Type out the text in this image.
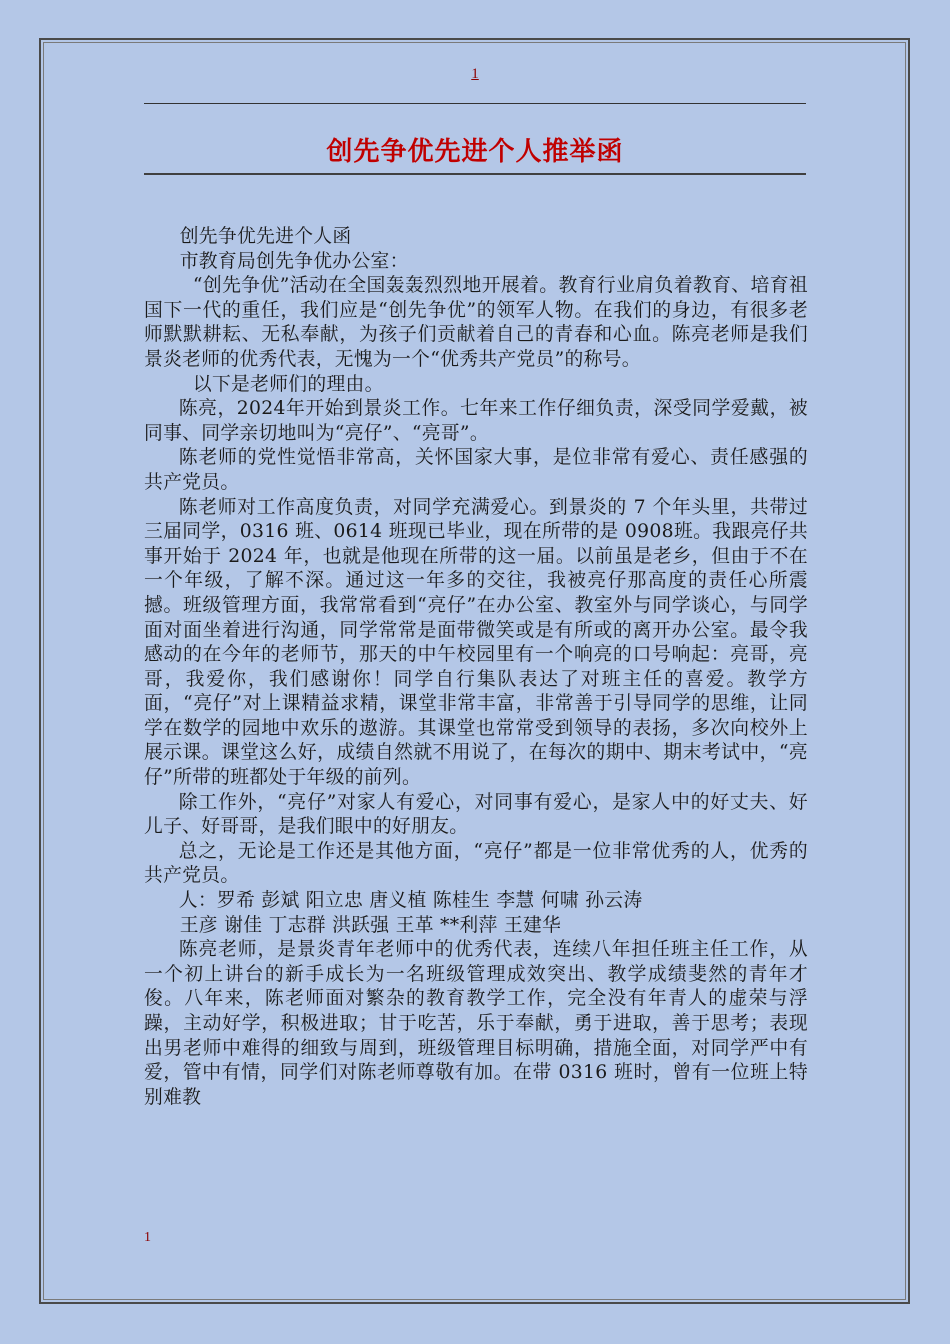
1
创先争优先进个人推举函

创先争优先进个人函

市教育局创先争优办公室：

“创先争优”活动在全国轰轰烈烈地开展着。教育行业肩负着教育、培育祖国下一代的重任，我们应是“创先争优”的领军人物。在我们的身边，有很多老师默默耕耘、无私奉献，为孩子们贡献着自己的青春和心血。陈亮老师是我们景炎老师的优秀代表，无愧为一个“优秀共产党员”的称号。

以下是老师们的理由。

陈亮，2024年开始到景炎工作。七年来工作仔细负责，深受同学爱戴，被同事、同学亲切地叫为“亮仔”、“亮哥”。

陈老师的党性觉悟非常高，关怀国家大事，是位非常有爱心、责任感强的共产党员。

陈老师对工作高度负责，对同学充满爱心。到景炎的 7 个年头里，共带过三届同学，0316 班、0614 班现已毕业，现在所带的是 0908班。我跟亮仔共事开始于 2024 年，也就是他现在所带的这一届。以前虽是老乡，但由于不在一个年级，了解不深。通过这一年多的交往，我被亮仔那高度的责任心所震撼。班级管理方面，我常常看到“亮仔”在办公室、教室外与同学谈心，与同学面对面坐着进行沟通，同学常常是面带微笑或是有所或的离开办公室。最令我感动的在今年的老师节，那天的中午校园里有一个响亮的口号响起：亮哥，亮哥，我爱你，我们感谢你！同学自行集队表达了对班主任的喜爱。教学方面，“亮仔”对上课精益求精，课堂非常丰富，非常善于引导同学的思维，让同学在数学的园地中欢乐的遨游。其课堂也常常受到领导的表扬，多次向校外上展示课。课堂这么好，成绩自然就不用说了，在每次的期中、期末考试中，“亮仔”所带的班都处于年级的前列。

除工作外，“亮仔”对家人有爱心，对同事有爱心，是家人中的好丈夫、好儿子、好哥哥，是我们眼中的好朋友。

总之，无论是工作还是其他方面，“亮仔”都是一位非常优秀的人，优秀的共产党员。

人：罗希 彭斌 阳立忠 唐义植 陈桂生 李慧 何啸 孙云涛

王彦 谢佳 丁志群 洪跃强 王革 **利萍 王建华

陈亮老师，是景炎青年老师中的优秀代表，连续八年担任班主任工作，从一个初上讲台的新手成长为一名班级管理成效突出、教学成绩斐然的青年才俊。八年来，陈老师面对繁杂的教育教学工作，完全没有年青人的虚荣与浮躁，主动好学，积极进取；甘于吃苦，乐于奉献，勇于进取，善于思考；表现出男老师中难得的细致与周到，班级管理目标明确，措施全面，对同学严中有爱，管中有情，同学们对陈老师尊敬有加。在带 0316 班时，曾有一位班上特别难教

1
